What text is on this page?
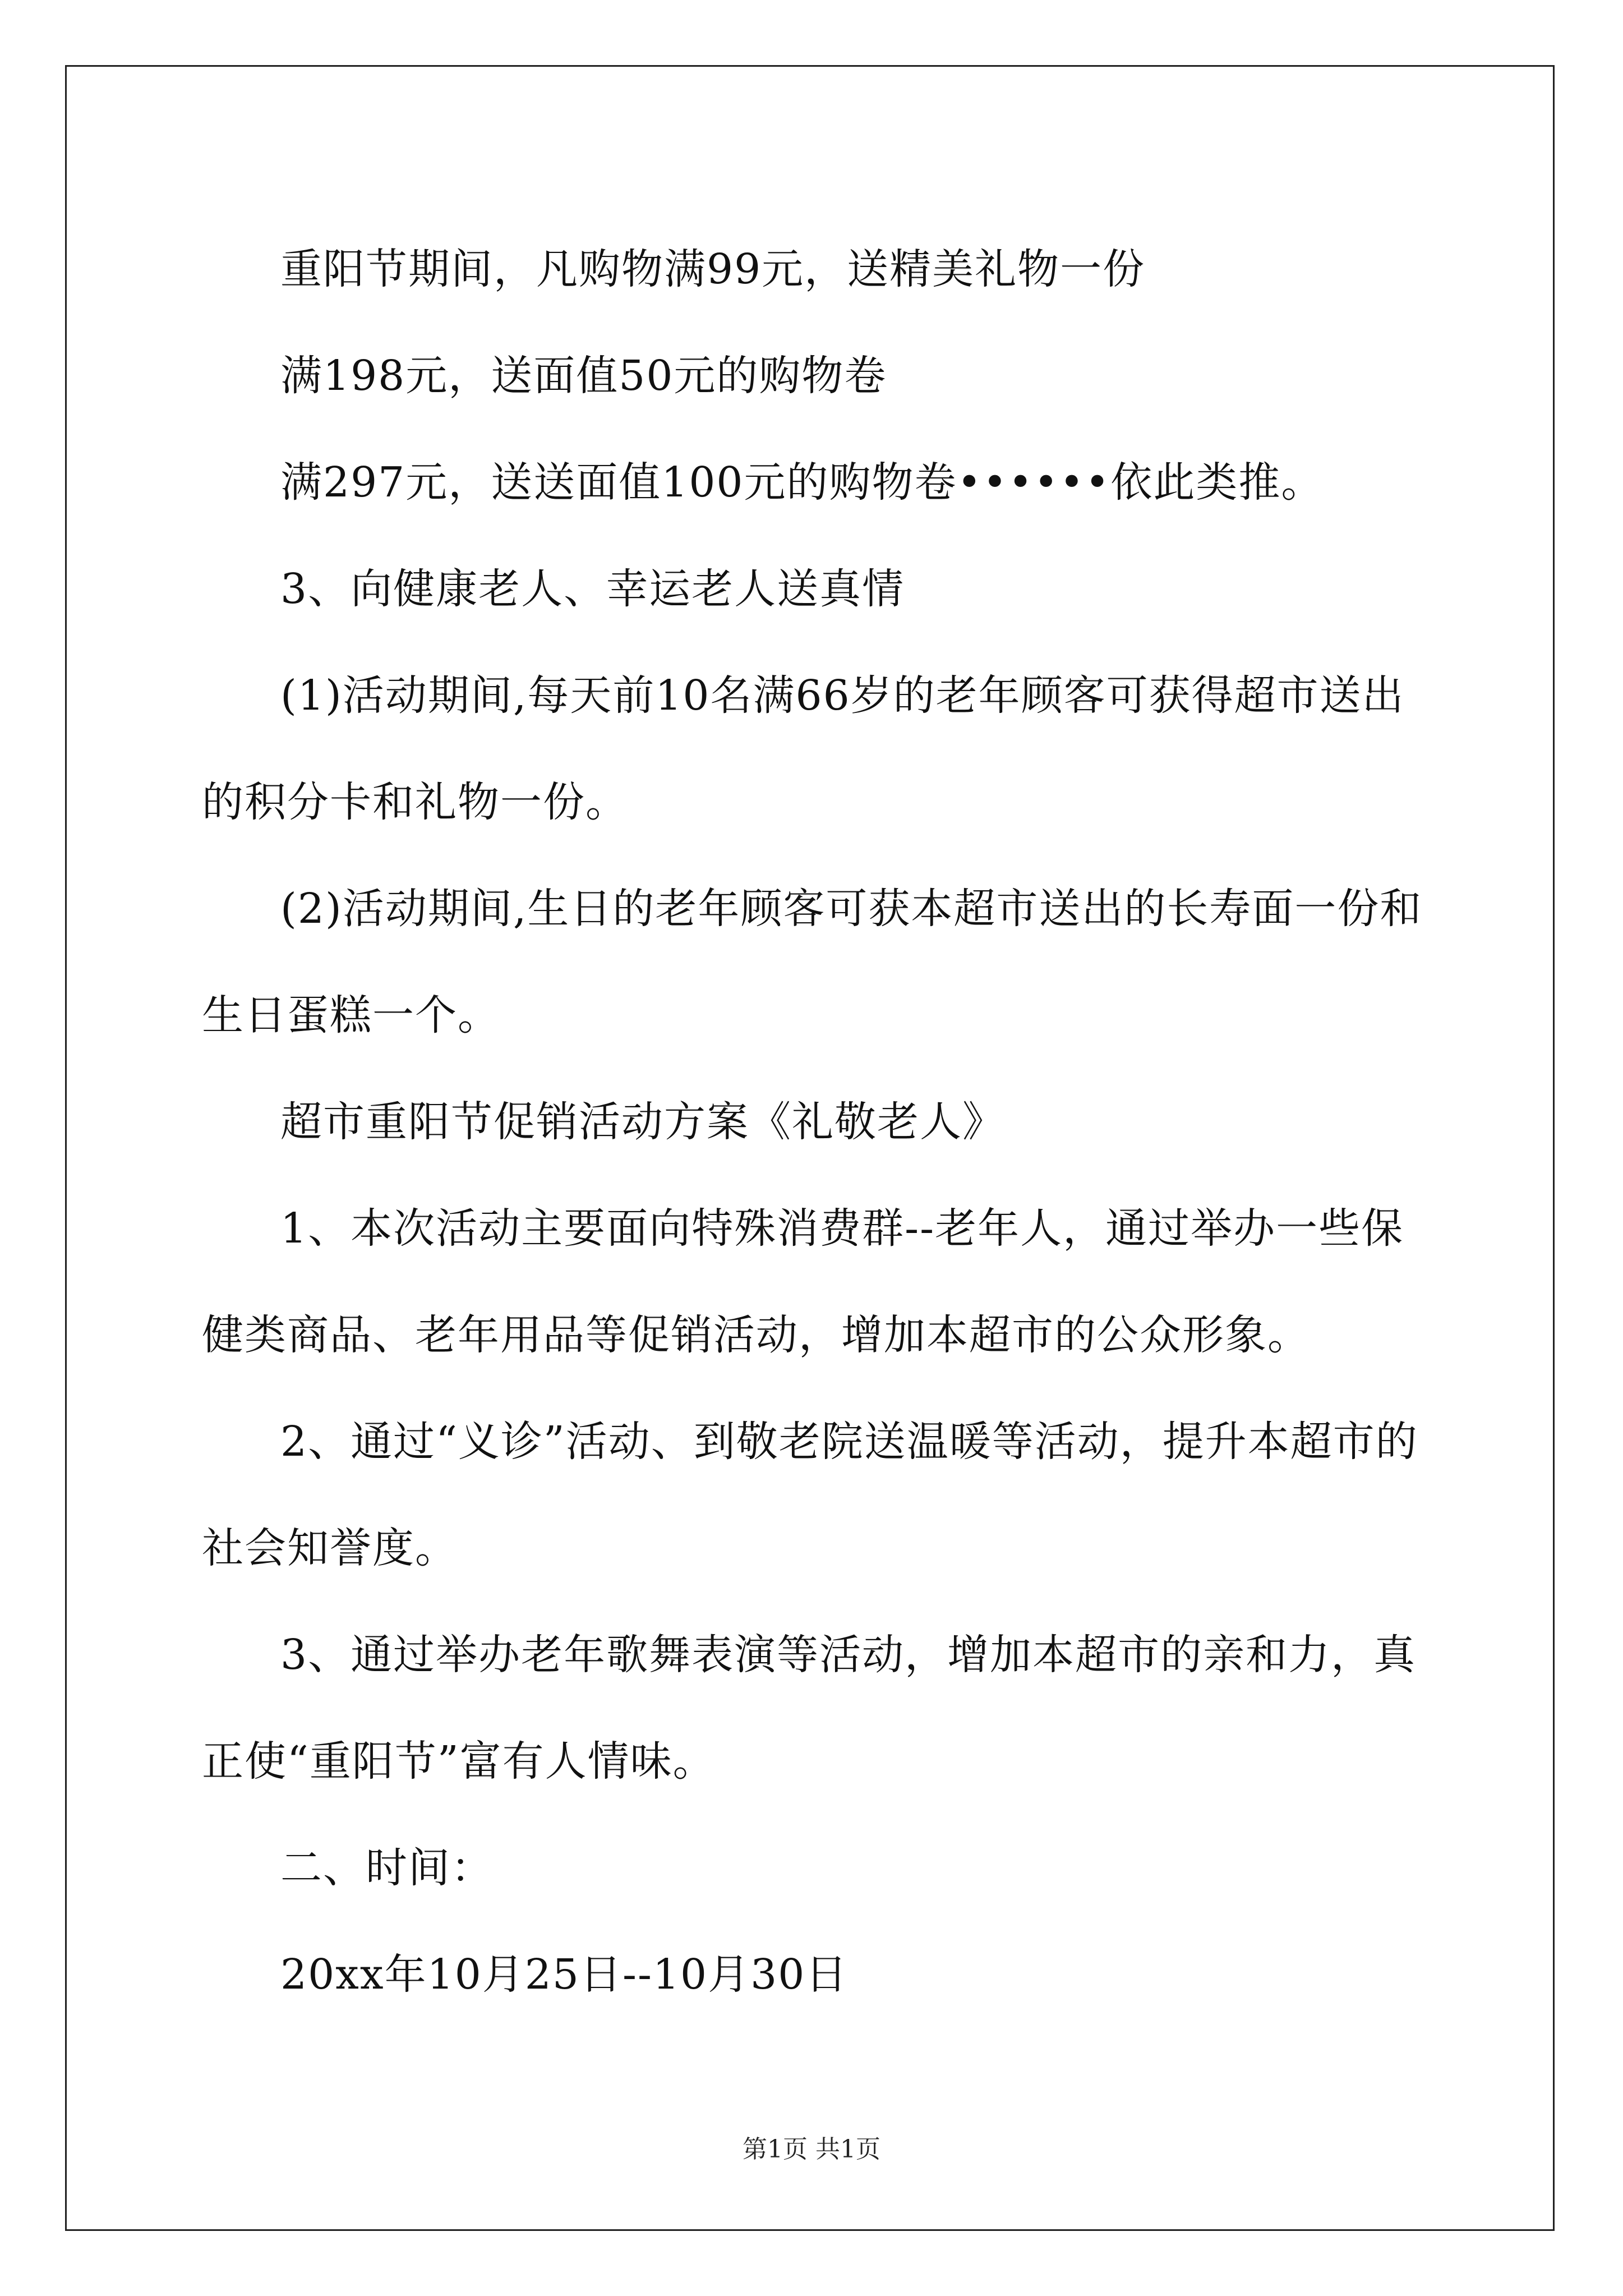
重阳节期间，凡购物满99元，送精美礼物一份

满198元，送面值50元的购物卷

满297元，送送面值100元的购物卷••••••依此类推。

3、向健康老人、幸运老人送真情

(1)活动期间,每天前10名满66岁的老年顾客可获得超市送出的积分卡和礼物一份。

(2)活动期间,生日的老年顾客可获本超市送出的长寿面一份和生日蛋糕一个。

超市重阳节促销活动方案《礼敬老人》

1、本次活动主要面向特殊消费群--老年人，通过举办一些保健类商品、老年用品等促销活动，增加本超市的公众形象。

2、通过“义诊”活动、到敬老院送温暖等活动，提升本超市的社会知誉度。

3、通过举办老年歌舞表演等活动，增加本超市的亲和力，真正使“重阳节”富有人情味。

二、时间：

20xx年10月25日--10月30日

第1页 共1页
